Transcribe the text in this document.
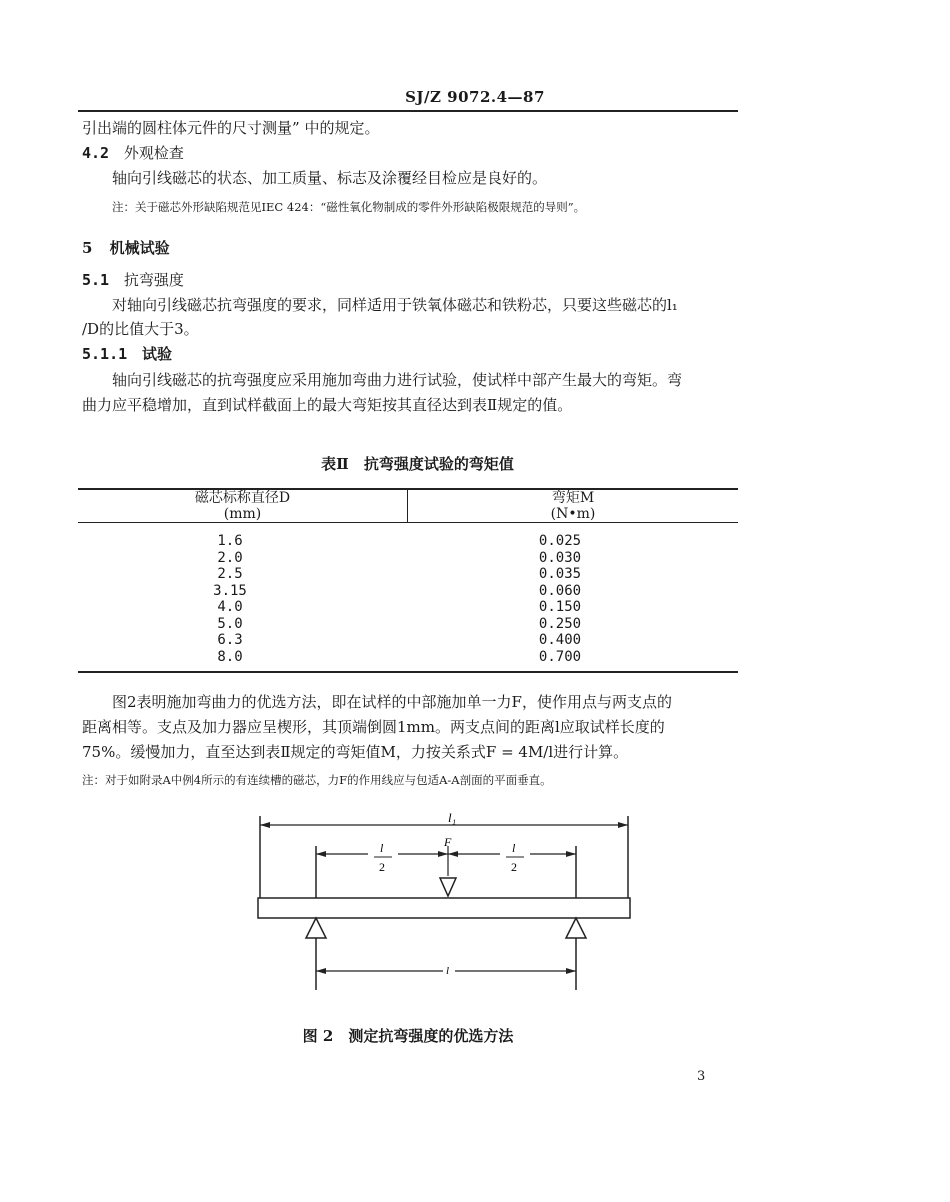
SJ/Z 9072.4—87
引出端的圆柱体元件的尺寸测量” 中的规定。
4.2 外观检查
轴向引线磁芯的状态、加工质量、标志及涂覆经目检应是良好的。
注：关于磁芯外形缺陷规范见IEC 424：“磁性氧化物制成的零件外形缺陷极限规范的导则”。
5 机械试验
5.1 抗弯强度
对轴向引线磁芯抗弯强度的要求，同样适用于铁氧体磁芯和铁粉芯，只要这些磁芯的l₁
/D的比值大于3。
5.1.1 试验
轴向引线磁芯的抗弯强度应采用施加弯曲力进行试验，使试样中部产生最大的弯矩。弯
曲力应平稳增加，直到试样截面上的最大弯矩按其直径达到表Ⅱ规定的值。
表Ⅱ　抗弯强度试验的弯矩值
磁芯标称直径D
(mm)
弯矩M
(N•m)
1.6
2.0
2.5
3.15
4.0
5.0
6.3
8.0
0.025
0.030
0.035
0.060
0.150
0.250
0.400
0.700
图2表明施加弯曲力的优选方法，即在试样的中部施加单一力F，使作用点与两支点的
距离相等。支点及加力器应呈楔形，其顶端倒圆1mm。两支点间的距离l应取试样长度的
75%。缓慢加力，直至达到表Ⅱ规定的弯矩值M，力按关系式F = 4M/l进行计算。
注：对于如附录A中例4所示的有连续槽的磁芯，力F的作用线应与包适A-A剖面的平面垂直。
l₁
l
2
l
2
F
l
图 2　测定抗弯强度的优选方法
3
